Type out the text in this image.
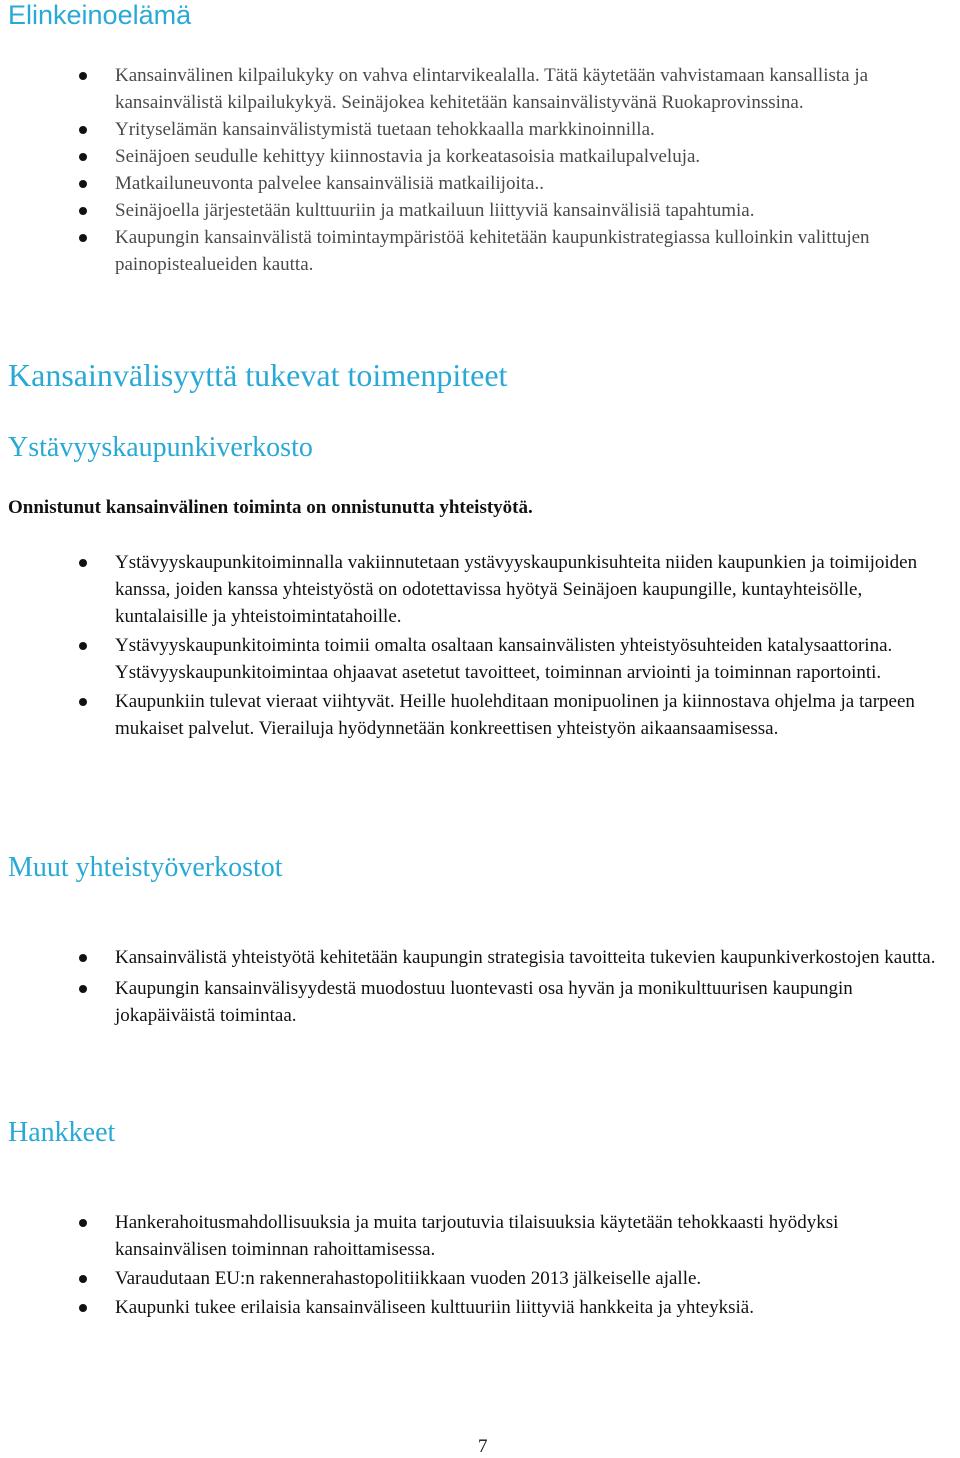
Elinkeinoelämä
Kansainvälinen kilpailukyky on vahva elintarvikealalla. Tätä käytetään vahvistamaan kansallista ja kansainvälistä kilpailukykyä. Seinäjokea kehitetään kansainvälistyvänä Ruokaprovinssina.
Yrityselämän kansainvälistymistä tuetaan tehokkaalla markkinoinnilla.
Seinäjoen seudulle kehittyy kiinnostavia ja korkeatasoisia matkailupalveluja.
Matkailuneuvonta palvelee kansainvälisiä matkailijoita..
Seinäjoella järjestetään kulttuuriin ja matkailuun liittyviä kansainvälisiä tapahtumia.
Kaupungin kansainvälistä toimintaympäristöä kehitetään kaupunkistrategiassa kulloinkin valittujen painopistealueiden kautta.
Kansainvälisyyttä tukevat toimenpiteet
Ystävyyskaupunkiverkosto

Onnistunut kansainvälinen toiminta on onnistunutta yhteistyötä.

Ystävyyskaupunkitoiminnalla vakiinnutetaan ystävyyskaupunkisuhteita niiden kaupunkien ja toimijoiden kanssa, joiden kanssa yhteistyöstä on odotettavissa hyötyä Seinäjoen kaupungille, kuntayhteisölle, kuntalaisille ja yhteistoimintatahoille.
Ystävyyskaupunkitoiminta toimii omalta osaltaan kansainvälisten yhteistyösuhteiden katalysaattorina. Ystävyyskaupunkitoimintaa ohjaavat asetetut tavoitteet, toiminnan arviointi ja toiminnan raportointi.
Kaupunkiin tulevat vieraat viihtyvät. Heille huolehditaan monipuolinen ja kiinnostava ohjelma ja tarpeen mukaiset palvelut. Vierailuja hyödynnetään konkreettisen yhteistyön aikaansaamisessa.
Muut yhteistyöverkostot
Kansainvälistä yhteistyötä kehitetään kaupungin strategisia tavoitteita tukevien kaupunkiverkostojen kautta.
Kaupungin kansainvälisyydestä muodostuu luontevasti osa hyvän ja monikulttuurisen kaupungin jokapäiväistä toimintaa.
Hankkeet
Hankerahoitusmahdollisuuksia ja muita tarjoutuvia tilaisuuksia käytetään tehokkaasti hyödyksi kansainvälisen toiminnan rahoittamisessa.
Varaudutaan EU:n rakennerahastopolitiikkaan vuoden 2013 jälkeiselle ajalle.
Kaupunki tukee erilaisia kansainväliseen kulttuuriin liittyviä hankkeita ja yhteyksiä.
7
